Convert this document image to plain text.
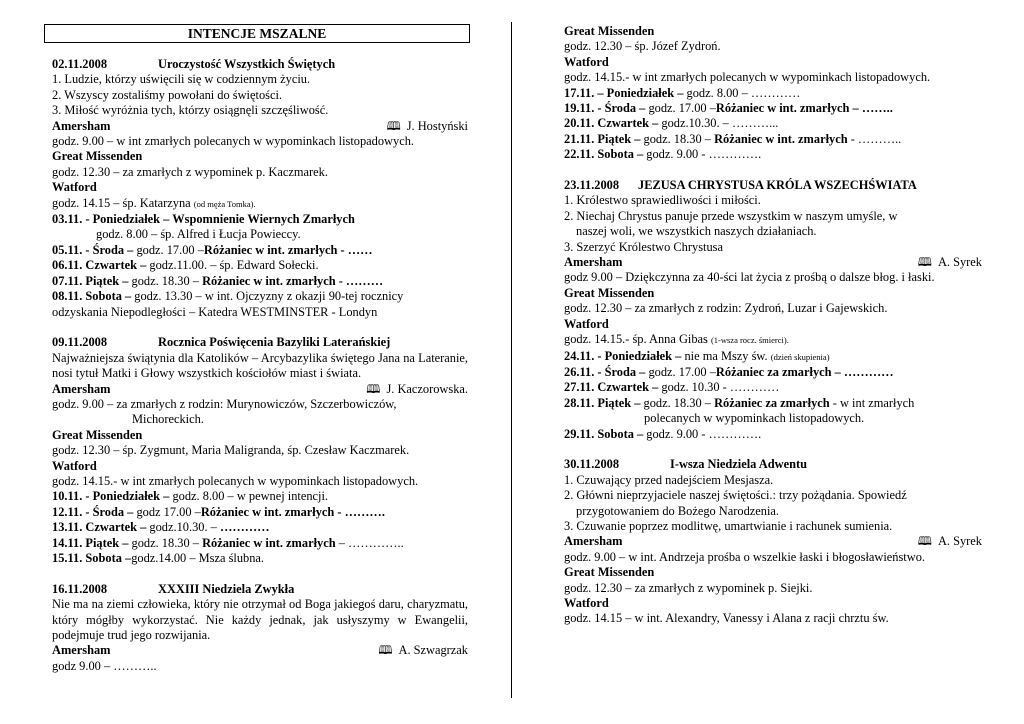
INTENCJE MSZALNE
02.11.2008	Uroczystość Wszystkich Świętych
1. Ludzie, którzy uświęcili się w codziennym życiu.
2. Wszyscy zostaliśmy powołani do świętości.
3. Miłość wyróżnia tych, którzy osiągnęli szczęśliwość.
Amersham	🕮 J. Hostyński
godz. 9.00 – w int zmarłych polecanych w wypominkach listopadowych.
Great Missenden
godz. 12.30 – za zmarłych z wypominek p. Kaczmarek.
Watford
godz. 14.15 – śp. Katarzyna (od męża Tomka).
03.11. - Poniedziałek – Wspomnienie Wiernych Zmarłych
godz. 8.00 – śp. Alfred i Łucja Powieccy.
05.11. - Środa – godz. 17.00 –Różaniec w int. zmarłych - ……
06.11. Czwartek – godz.11.00. – śp. Edward Sołecki.
07.11. Piątek – godz. 18.30 – Różaniec w int. zmarłych - ………
08.11. Sobota – godz. 13.30 – w int. Ojczyzny z okazji 90-tej rocznicy
odzyskania Niepodległości – Katedra WESTMINSTER - Londyn
09.11.2008	Rocznica Poświęcenia Bazyliki Laterańskiej
Najważniejsza świątynia dla Katolików – Arcybazylika świętego Jana na Lateranie, nosi tytuł Matki i Głowy wszystkich kościołów miast i świata.
Amersham	🕮 J. Kaczorowska.
godz. 9.00 – za zmarłych z rodzin: Murynowiczów, Szczerbowiczów,
Michoreckich.
Great Missenden
godz. 12.30 – śp. Zygmunt, Maria Maligranda, śp. Czesław Kaczmarek.
Watford
godz. 14.15.- w int zmarłych polecanych w wypominkach listopadowych.
10.11. - Poniedziałek – godz. 8.00 – w pewnej intencji.
12.11. - Środa – godz 17.00 –Różaniec w int. zmarłych - ……….
13.11. Czwartek – godz.10.30. – …………
14.11. Piątek – godz. 18.30 – Różaniec w int. zmarłych – …………..
15.11. Sobota –godz.14.00 – Msza ślubna.
16.11.2008	XXXIII Niedziela Zwykła
Nie ma na ziemi człowieka, który nie otrzymał od Boga jakiegoś daru, charyzmatu, który mógłby wykorzystać. Nie każdy jednak, jak usłyszymy w Ewangelii, podejmuje trud jego rozwijania.
Amersham	🕮 A. Szwagrzak
godz 9.00 – ………..
Great Missenden
godz. 12.30 – śp. Józef Zydroń.
Watford
godz. 14.15.- w int zmarłych polecanych w wypominkach listopadowych.
17.11. – Poniedziałek – godz. 8.00 – …………
19.11. - Środa – godz. 17.00 –Różaniec w int. zmarłych – ……..
20.11. Czwartek – godz.10.30. – ………...
21.11. Piątek – godz. 18.30 – Różaniec w int. zmarłych - ………..
22.11. Sobota – godz. 9.00 - ………….
23.11.2008 JEZUSA CHRYSTUSA KRÓLA WSZECHŚWIATA
1. Królestwo sprawiedliwości i miłości.
2. Niechaj Chrystus panuje przede wszystkim w naszym umyśle, w
naszej woli, we wszystkich naszych działaniach.
3. Szerzyć Królestwo Chrystusa
Amersham	🕮 A. Syrek
godz 9.00 – Dziękczynna za 40-ści lat życia z prośbą o dalsze błog. i łaski.
Great Missenden
godz. 12.30 – za zmarłych z rodzin: Zydroń, Luzar i Gajewskich.
Watford
godz. 14.15.- śp. Anna Gibas (1-wsza rocz. śmierci).
24.11. - Poniedziałek – nie ma Mszy św. (dzień skupienia)
26.11. - Środa – godz. 17.00 –Różaniec za zmarłych – …………
27.11. Czwartek – godz. 10.30 - …………
28.11. Piątek – godz. 18.30 – Różaniec za zmarłych - w int zmarłych
polecanych w wypominkach listopadowych.
29.11. Sobota – godz. 9.00 - ………….
30.11.2008	I-wsza Niedziela Adwentu
1. Czuwający przed nadejściem Mesjasza.
2. Główni nieprzyjaciele naszej świętości.: trzy pożądania. Spowiedź
przygotowaniem do Bożego Narodzenia.
3. Czuwanie poprzez modlitwę, umartwianie i rachunek sumienia.
Amersham	🕮 A. Syrek
godz. 9.00 – w int. Andrzeja prośba o wszelkie łaski i błogosławieństwo.
Great Missenden
godz. 12.30 – za zmarłych z wypominek p. Siejki.
Watford
godz. 14.15 – w int. Alexandry, Vanessy i Alana z racji chrztu św.
